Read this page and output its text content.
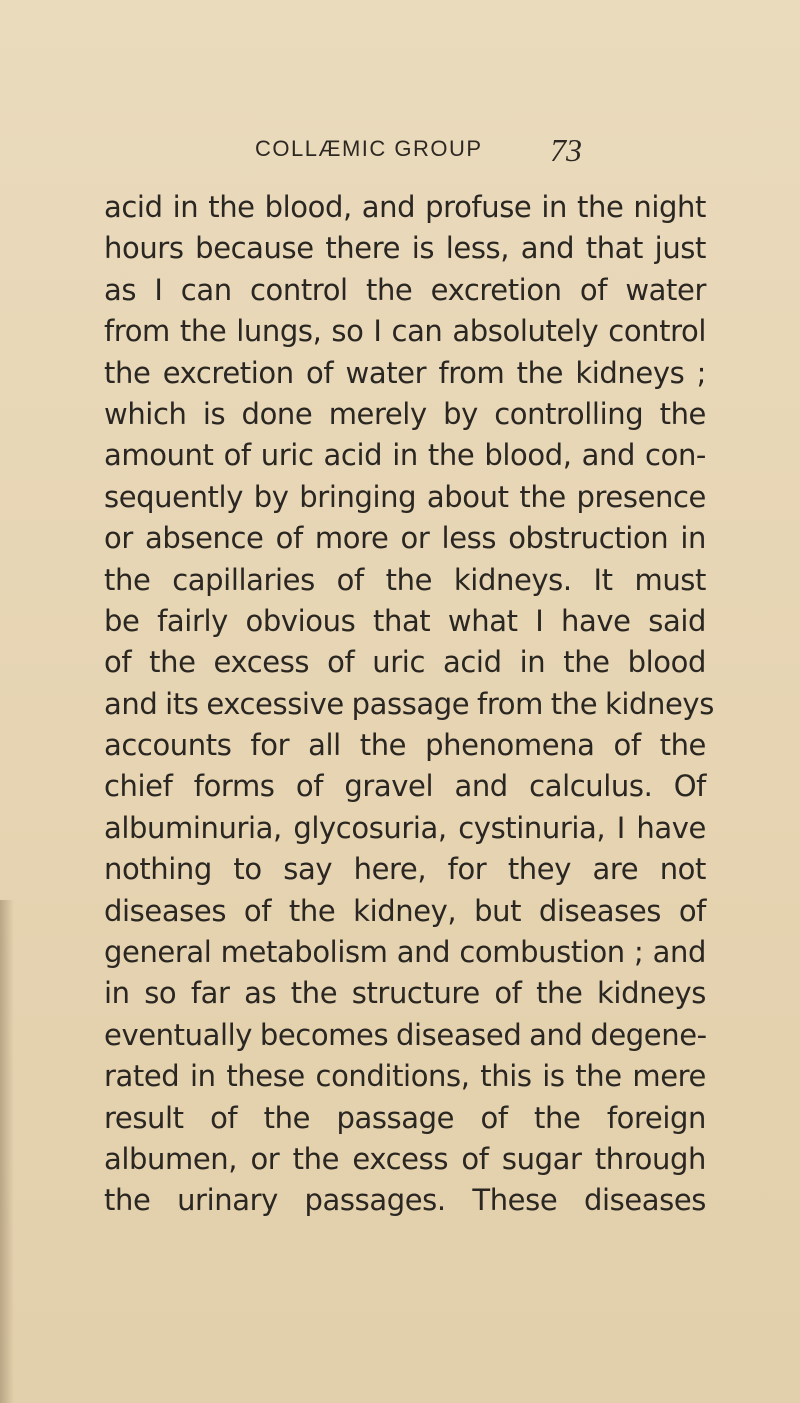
COLLÆMIC GROUP 73
acid in the blood, and profuse in the night
hours because there is less, and that just
as I can control the excretion of water
from the lungs, so I can absolutely control
the excretion of water from the kidneys ;
which is done merely by controlling the
amount of uric acid in the blood, and con-
sequently by bringing about the presence
or absence of more or less obstruction in
the capillaries of the kidneys. It must
be fairly obvious that what I have said
of the excess of uric acid in the blood
and its excessive passage from the kidneys
accounts for all the phenomena of the
chief forms of gravel and calculus. Of
albuminuria, glycosuria, cystinuria, I have
nothing to say here, for they are not
diseases of the kidney, but diseases of
general metabolism and combustion ; and
in so far as the structure of the kidneys
eventually becomes diseased and degene-
rated in these conditions, this is the mere
result of the passage of the foreign
albumen, or the excess of sugar through
the urinary passages. These diseases
